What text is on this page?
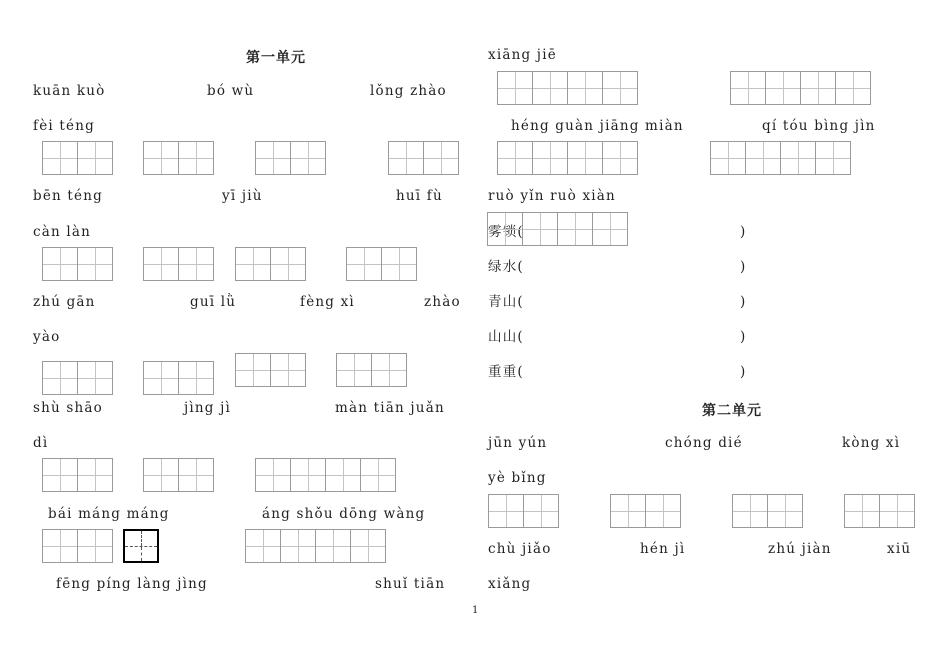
第一单元
kuān kuò	bó wù	lǒng zhào
fèi téng
bēn téng	yī jiù	huī fù
càn làn
zhú gān	guī lǜ	fèng xì	zhào
yào
shù shāo	jìng jì	màn tiān juǎn
dì
bái máng máng	áng shǒu dōng wàng
fēng píng làng jìng	shuǐ tiān
xiāng jiē
héng guàn jiāng miàn	qí tóu bìng jìn
ruò yǐn ruò xiàn
雾锁(	)
绿水(	)
青山(	)
山山(	)
重重(	)
第二单元
jūn yún	chóng dié	kòng xì
yè bǐng
chù jiǎo	hén jì	zhú jiàn	xiū
xiǎng
1
